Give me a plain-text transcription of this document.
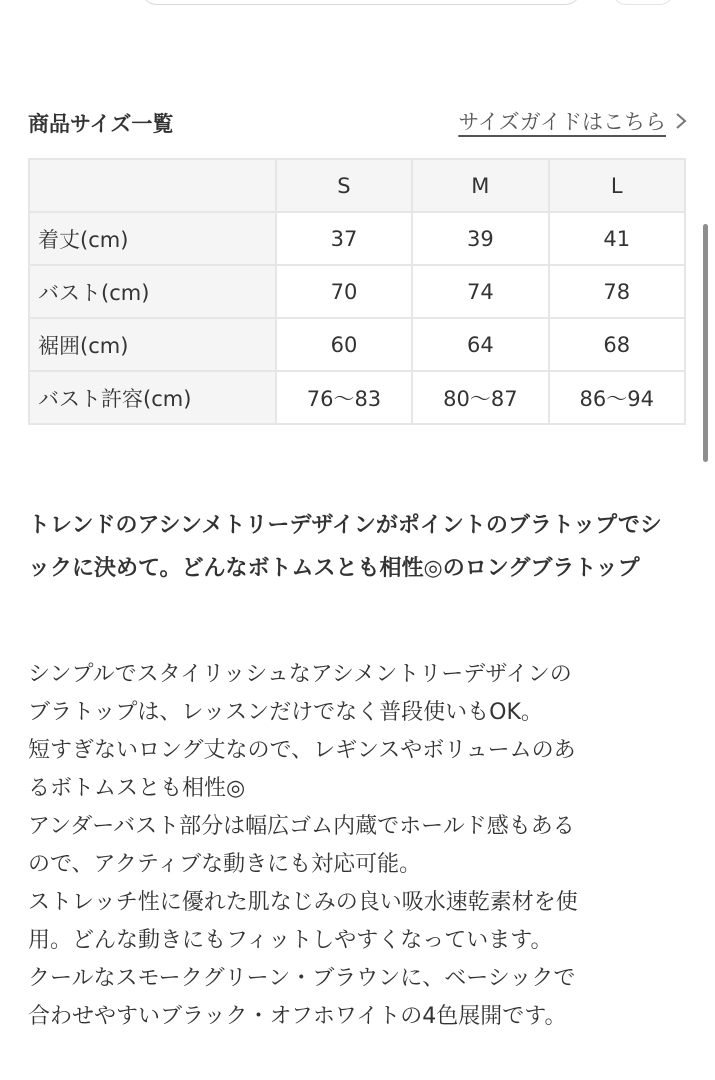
商品サイズ一覧	サイズガイドはこちら
	S	M	L
着丈(cm)	37	39	41
バスト(cm)	70	74	78
裾囲(cm)	60	64	68
バスト許容(cm)	76〜83	80〜87	86〜94
トレンドのアシンメトリーデザインがポイントのブラトップでシックに決めて。どんなボトムスとも相性◎のロングブラトップ
シンプルでスタイリッシュなアシメントリーデザインの
ブラトップは、レッスンだけでなく普段使いもOK。
短すぎないロング丈なので、レギンスやボリュームのあ
るボトムスとも相性◎
アンダーバスト部分は幅広ゴム内蔵でホールド感もある
ので、アクティブな動きにも対応可能。
ストレッチ性に優れた肌なじみの良い吸水速乾素材を使
用。どんな動きにもフィットしやすくなっています。
クールなスモークグリーン・ブラウンに、ベーシックで
合わせやすいブラック・オフホワイトの4色展開です。
